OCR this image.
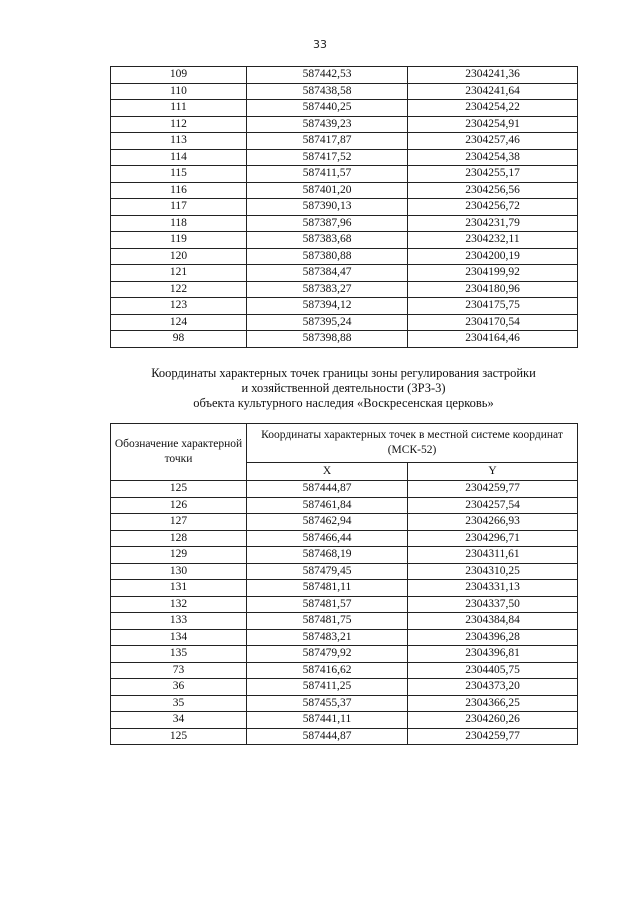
33
109	587442,53	2304241,36
110	587438,58	2304241,64
111	587440,25	2304254,22
112	587439,23	2304254,91
113	587417,87	2304257,46
114	587417,52	2304254,38
115	587411,57	2304255,17
116	587401,20	2304256,56
117	587390,13	2304256,72
118	587387,96	2304231,79
119	587383,68	2304232,11
120	587380,88	2304200,19
121	587384,47	2304199,92
122	587383,27	2304180,96
123	587394,12	2304175,75
124	587395,24	2304170,54
98	587398,88	2304164,46
Координаты характерных точек границы зоны регулирования застройки
и хозяйственной деятельности (ЗРЗ-3)
объекта культурного наследия «Воскресенская церковь»
Обозначение характерной точки	Координаты характерных точек в местной системе координат (МСК-52)	
	X	Y
125	587444,87	2304259,77
126	587461,84	2304257,54
127	587462,94	2304266,93
128	587466,44	2304296,71
129	587468,19	2304311,61
130	587479,45	2304310,25
131	587481,11	2304331,13
132	587481,57	2304337,50
133	587481,75	2304384,84
134	587483,21	2304396,28
135	587479,92	2304396,81
73	587416,62	2304405,75
36	587411,25	2304373,20
35	587455,37	2304366,25
34	587441,11	2304260,26
125	587444,87	2304259,77
